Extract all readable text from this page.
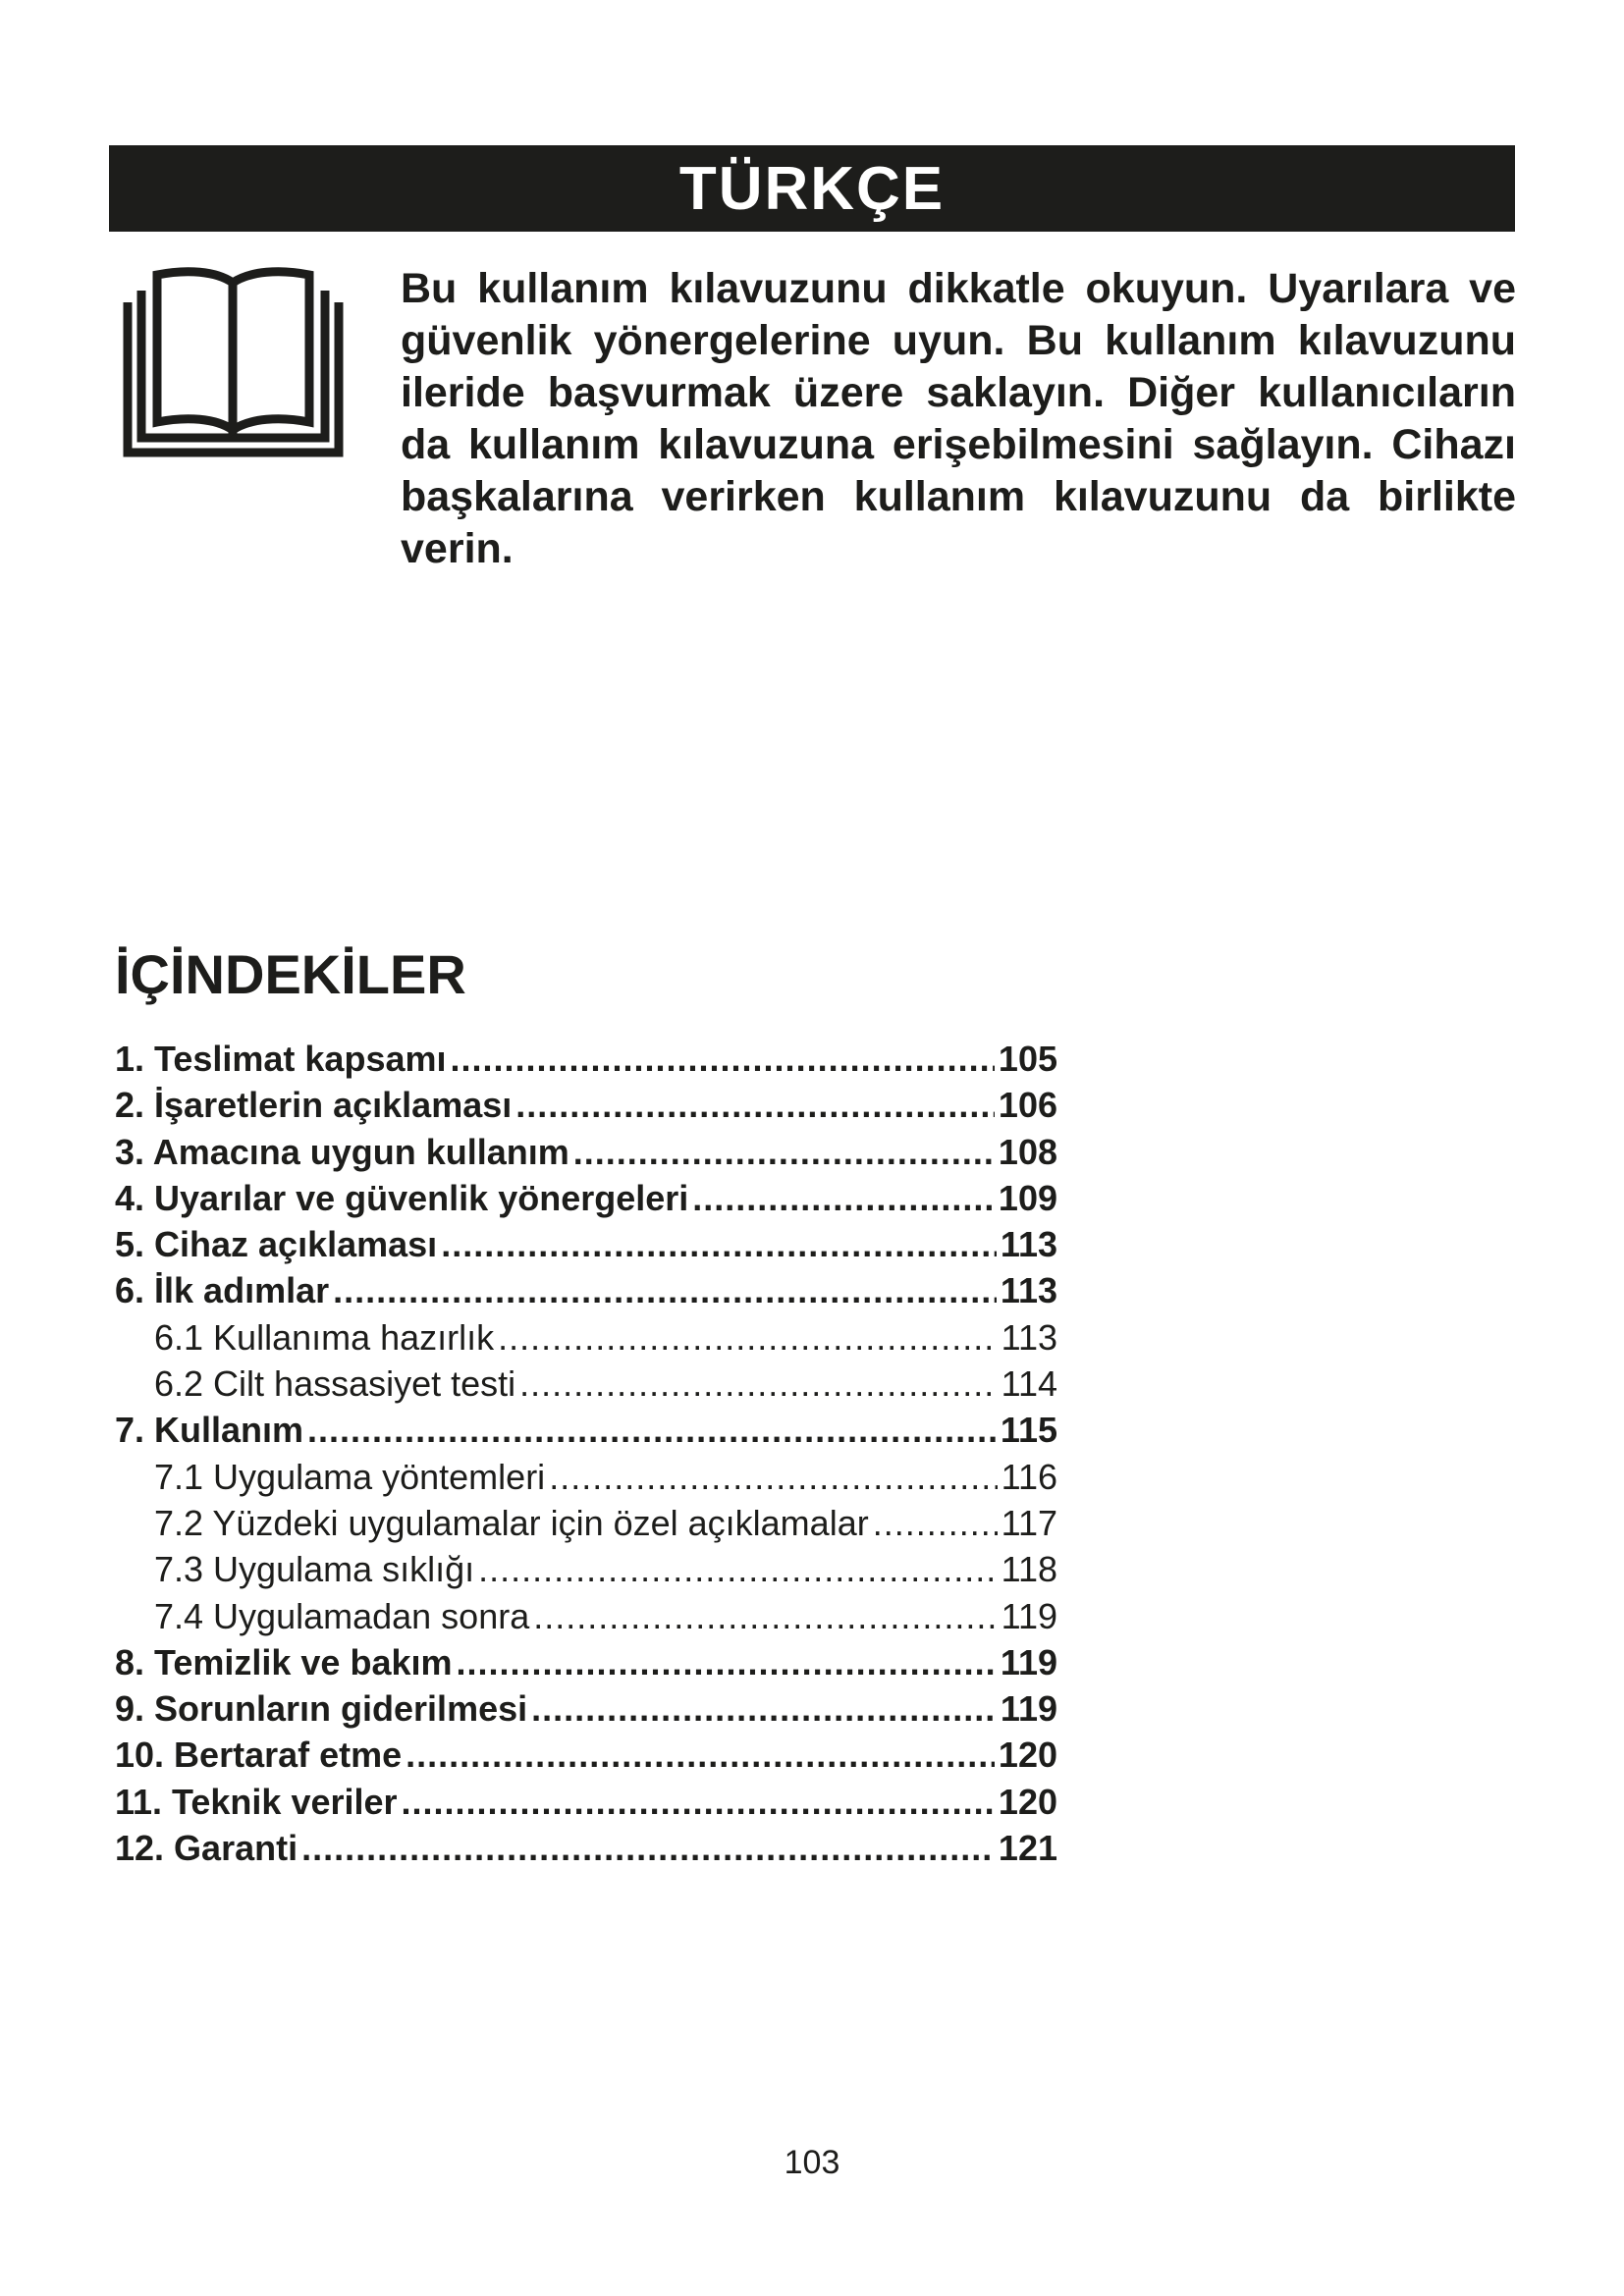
TÜRKÇE

Bu kullanım kılavuzunu dikkatle okuyun. Uyarılara ve güvenlik yönergelerine uyun. Bu kullanım kılavuzunu ileride başvurmak üzere saklayın. Diğer kullanıcıların da kullanım kılavuzuna erişebilmesini sağlayın. Cihazı başkalarına verirken kullanım kılavuzunu da birlikte verin.

İÇİNDEKİLER
1. Teslimat kapsamı .....	105
2. İşaretlerin açıklaması .....	106
3. Amacına uygun kullanım .....	108
4. Uyarılar ve güvenlik yönergeleri .....	109
5. Cihaz açıklaması .....	113
6. İlk adımlar .....	113
6.1 Kullanıma hazırlık .....	113
6.2 Cilt hassasiyet testi .....	114
7. Kullanım .....	115
7.1 Uygulama yöntemleri .....	116
7.2 Yüzdeki uygulamalar için özel açıklamalar .....	117
7.3 Uygulama sıklığı .....	118
7.4 Uygulamadan sonra .....	119
8. Temizlik ve bakım .....	119
9. Sorunların giderilmesi .....	119
10. Bertaraf etme .....	120
11. Teknik veriler .....	120
12. Garanti .....	121
103
